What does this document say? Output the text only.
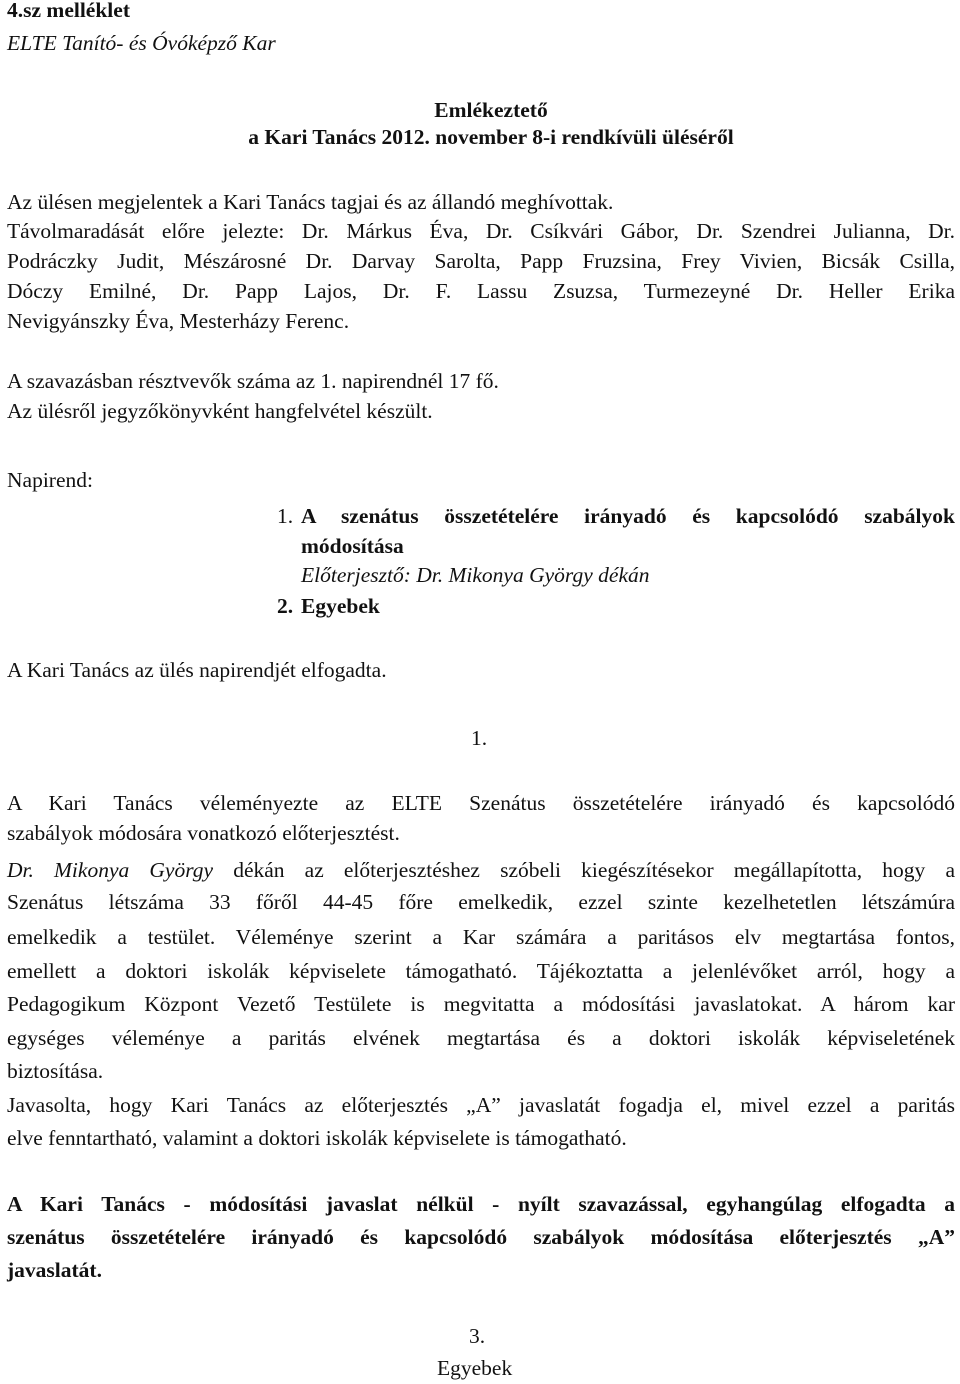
4.sz melléklet
ELTE Tanító- és Óvóképző Kar
Emlékeztető
a Kari Tanács 2012. november 8-i rendkívüli üléséről
Az ülésen megjelentek a Kari Tanács tagjai és az állandó meghívottak.
Távolmaradását előre jelezte: Dr. Márkus Éva, Dr. Csíkvári Gábor, Dr. Szendrei Julianna, Dr.
Podráczky Judit, Mészárosné Dr. Darvay Sarolta, Papp Fruzsina, Frey Vivien, Bicsák Csilla,
Dóczy Emilné, Dr. Papp Lajos, Dr. F. Lassu Zsuzsa, Turmezeyné Dr. Heller Erika
Nevigyánszky Éva, Mesterházy Ferenc.
A szavazásban résztvevők száma az 1. napirendnél 17 fő.
Az ülésről jegyzőkönyvként hangfelvétel készült.
Napirend:
1. A szenátus összetételére irányadó és kapcsolódó szabályok
módosítása
Előterjesztő: Dr. Mikonya György dékán
2. Egyebek
A Kari Tanács az ülés napirendjét elfogadta.
1.
A Kari Tanács véleményezte az ELTE Szenátus összetételére irányadó és kapcsolódó
szabályok módosára vonatkozó előterjesztést.
Dr. Mikonya György dékán az előterjesztéshez szóbeli kiegészítésekor megállapította, hogy a
Szenátus létszáma 33 főről 44-45 főre emelkedik, ezzel szinte kezelhetetlen létszámúra
emelkedik a testület. Véleménye szerint a Kar számára a paritásos elv megtartása fontos,
emellett a doktori iskolák képviselete támogatható. Tájékoztatta a jelenlévőket arról, hogy a
Pedagogikum Központ Vezető Testülete is megvitatta a módosítási javaslatokat. A három kar
egységes véleménye a paritás elvének megtartása és a doktori iskolák képviseletének
biztosítása.
Javasolta, hogy Kari Tanács az előterjesztés „A” javaslatát fogadja el, mivel ezzel a paritás
elve fenntartható, valamint a doktori iskolák képviselete is támogatható.
A Kari Tanács - módosítási javaslat nélkül - nyílt szavazással, egyhangúlag elfogadta a
szenátus összetételére irányadó és kapcsolódó szabályok módosítása előterjesztés „A”
javaslatát.
3.
Egyebek
